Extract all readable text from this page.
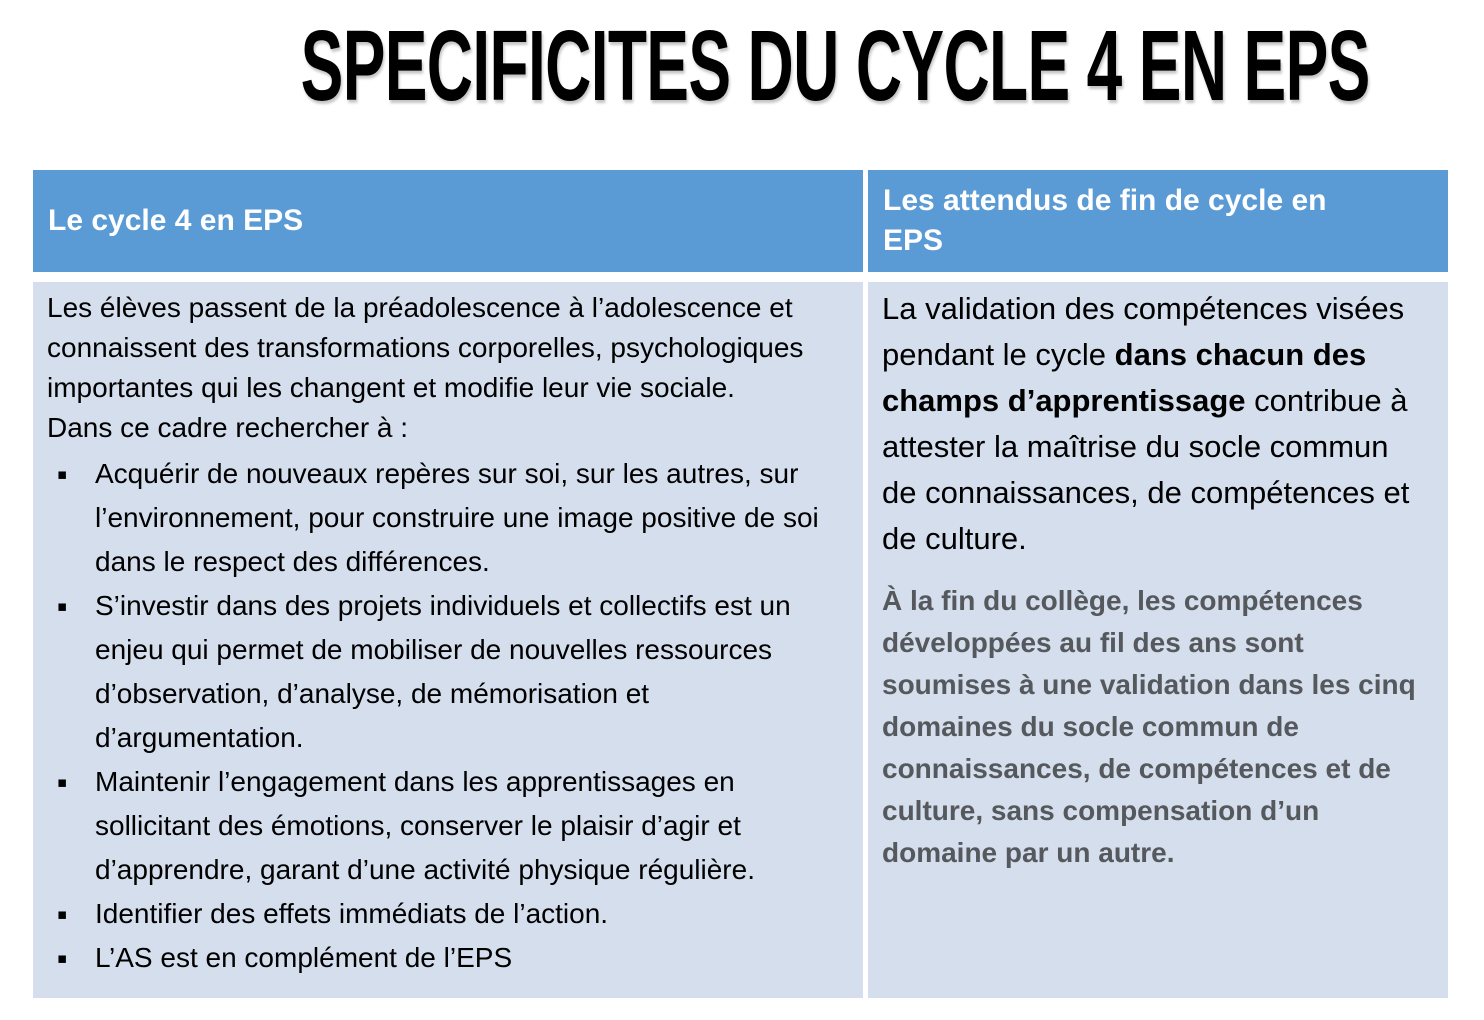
SPECIFICITES DU CYCLE 4 EN EPS
Le cycle 4 en EPS
Les attendus de fin de cycle en EPS
Les élèves passent de la préadolescence à l’adolescence et connaissent des transformations corporelles, psychologiques importantes qui les changent et modifie leur vie sociale.
Dans ce cadre rechercher à :
▪ Acquérir de nouveaux repères sur soi, sur les autres, sur l’environnement, pour construire une image positive de soi dans le respect des différences.
▪ S’investir dans des projets individuels et collectifs est un enjeu qui permet de mobiliser de nouvelles ressources d’observation, d’analyse, de mémorisation et d’argumentation.
▪ Maintenir l’engagement dans les apprentissages en sollicitant des émotions, conserver le plaisir d’agir et d’apprendre, garant d’une activité physique régulière.
▪ Identifier des effets immédiats de l’action.
▪ L’AS est en complément de l’EPS
La validation des compétences visées pendant le cycle dans chacun des champs d’apprentissage contribue à attester la maîtrise du socle commun de connaissances, de compétences et de culture.
À la fin du collège, les compétences développées au fil des ans sont soumises à une validation dans les cinq domaines du socle commun de connaissances, de compétences et de culture, sans compensation d’un domaine par un autre.
